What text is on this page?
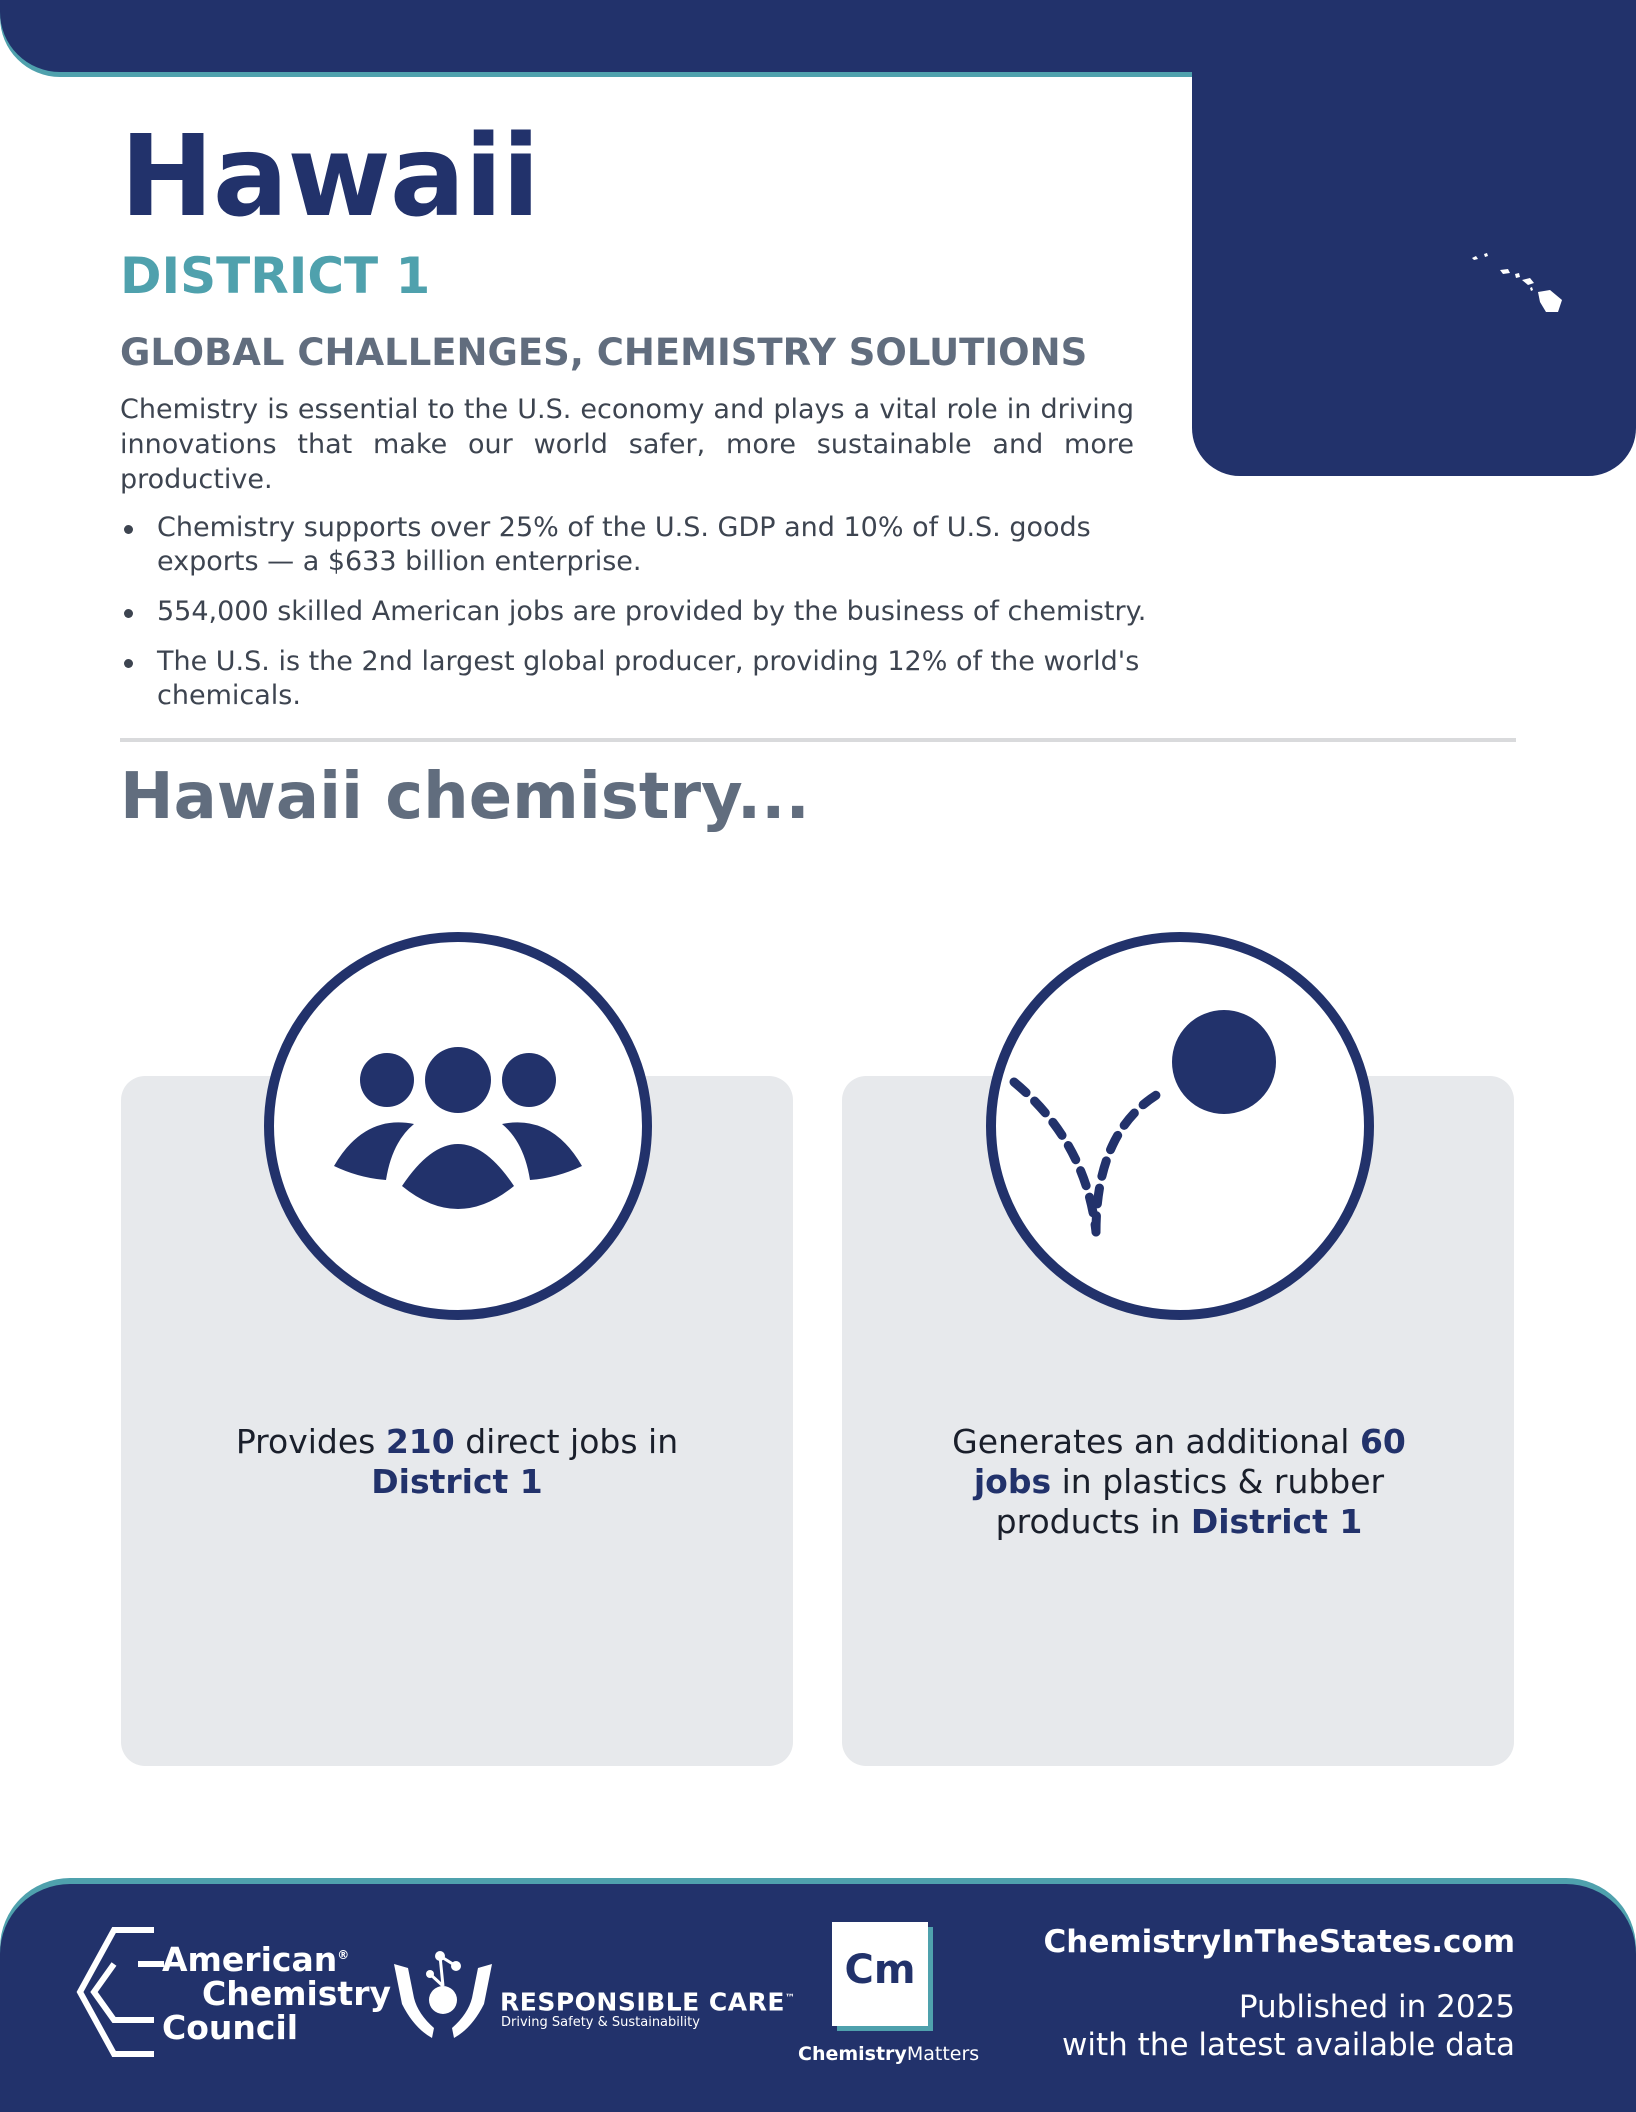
Hawaii
DISTRICT 1
GLOBAL CHALLENGES, CHEMISTRY SOLUTIONS

Chemistry is essential to the U.S. economy and plays a vital role in driving innovations that make our world safer, more sustainable and more productive.

Chemistry supports over 25% of the U.S. GDP and 10% of U.S. goods exports — a $633 billion enterprise.
554,000 skilled American jobs are provided by the business of chemistry.
The U.S. is the 2nd largest global producer, providing 12% of the world's chemicals.
Hawaii chemistry...

Provides 210 direct jobs in
District 1

Generates an additional 60 jobs in plastics & rubber products in District 1

American®
Chemistry
Council

RESPONSIBLE CARE™

Driving Safety & Sustainability

Cm

ChemistryMatters

ChemistryInTheStates.com

Published in 2025
with the latest available data
